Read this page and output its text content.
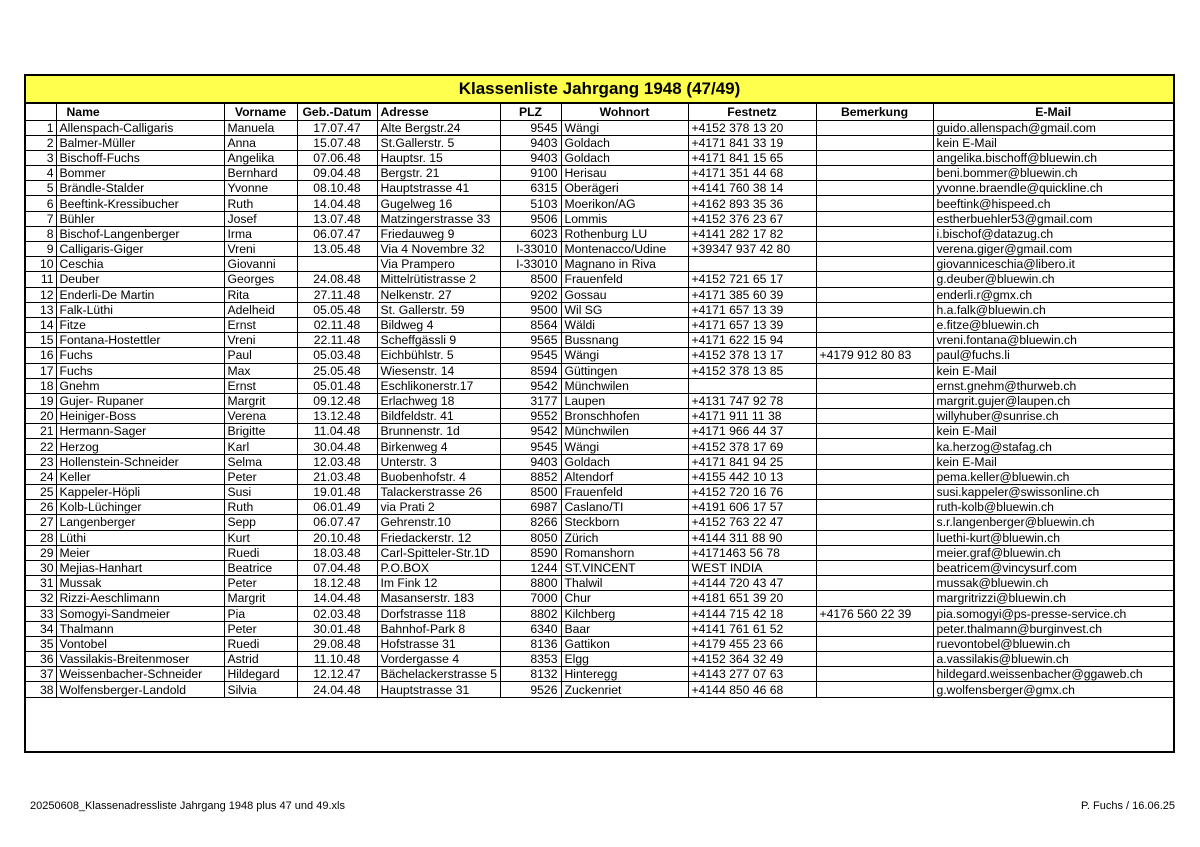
Klassenliste Jahrgang 1948 (47/49)
	Name	Vorname	Geb.-Datum	Adresse	PLZ	Wohnort	Festnetz	Bemerkung	E-Mail
1	Allenspach-Calligaris	Manuela	17.07.47	Alte Bergstr.24	9545	Wängi	+4152 378 13 20		guido.allenspach@gmail.com
2	Balmer-Müller	Anna	15.07.48	St.Gallerstr. 5	9403	Goldach	+4171 841 33 19		kein E-Mail
3	Bischoff-Fuchs	Angelika	07.06.48	Hauptsr. 15	9403	Goldach	+4171 841 15 65		angelika.bischoff@bluewin.ch
4	Bommer	Bernhard	09.04.48	Bergstr. 21	9100	Herisau	+4171 351 44 68		beni.bommer@bluewin.ch
5	Brändle-Stalder	Yvonne	08.10.48	Hauptstrasse 41	6315	Oberägeri	+4141 760 38 14		yvonne.braendle@quickline.ch
6	Beeftink-Kressibucher	Ruth	14.04.48	Gugelweg 16	5103	Moerikon/AG	+4162 893 35 36		beeftink@hispeed.ch
7	Bühler	Josef	13.07.48	Matzingerstrasse 33	9506	Lommis	+4152 376 23 67		estherbuehler53@gmail.com
8	Bischof-Langenberger	Irma	06.07.47	Friedauweg 9	6023	Rothenburg LU	+4141 282 17 82		i.bischof@datazug.ch
9	Calligaris-Giger	Vreni	13.05.48	Via 4 Novembre 32	I-33010	Montenacco/Udine	+39347 937 42 80		verena.giger@gmail.com
10	Ceschia	Giovanni		Via Prampero	I-33010	Magnano in Riva			giovanniceschia@libero.it
11	Deuber	Georges	24.08.48	Mittelrütistrasse 2	8500	Frauenfeld	+4152 721 65 17		g.deuber@bluewin.ch
12	Enderli-De Martin	Rita	27.11.48	Nelkenstr. 27	9202	Gossau	+4171 385 60 39		enderli.r@gmx.ch
13	Falk-Lüthi	Adelheid	05.05.48	St. Gallerstr. 59	9500	Wil SG	+4171 657 13 39		h.a.falk@bluewin.ch
14	Fitze	Ernst	02.11.48	Bildweg 4	8564	Wäldi	+4171 657 13 39		e.fitze@bluewin.ch
15	Fontana-Hostettler	Vreni	22.11.48	Scheffgässli 9	9565	Bussnang	+4171 622 15 94		vreni.fontana@bluewin.ch
16	Fuchs	Paul	05.03.48	Eichbühlstr. 5	9545	Wängi	+4152 378 13 17	+4179 912 80 83	paul@fuchs.li
17	Fuchs	Max	25.05.48	Wiesenstr. 14	8594	Güttingen	+4152 378 13 85		kein E-Mail
18	Gnehm	Ernst	05.01.48	Eschlikonerstr.17	9542	Münchwilen			ernst.gnehm@thurweb.ch
19	Gujer- Rupaner	Margrit	09.12.48	Erlachweg 18	3177	Laupen	+4131 747 92 78		margrit.gujer@laupen.ch
20	Heiniger-Boss	Verena	13.12.48	Bildfeldstr. 41	9552	Bronschhofen	+4171 911 11 38		willyhuber@sunrise.ch
21	Hermann-Sager	Brigitte	11.04.48	Brunnenstr. 1d	9542	Münchwilen	+4171 966 44 37		kein E-Mail
22	Herzog	Karl	30.04.48	Birkenweg 4	9545	Wängi	+4152 378 17 69		ka.herzog@stafag.ch
23	Hollenstein-Schneider	Selma	12.03.48	Unterstr. 3	9403	Goldach	+4171 841 94 25		kein E-Mail
24	Keller	Peter	21.03.48	Buobenhofstr. 4	8852	Altendorf	+4155 442 10 13		pema.keller@bluewin.ch
25	Kappeler-Höpli	Susi	19.01.48	Talackerstrasse 26	8500	Frauenfeld	+4152 720 16 76		susi.kappeler@swissonline.ch
26	Kolb-Lüchinger	Ruth	06.01.49	via Prati 2	6987	Caslano/TI	+4191 606 17 57		ruth-kolb@bluewin.ch
27	Langenberger	Sepp	06.07.47	Gehrenstr.10	8266	Steckborn	+4152 763 22 47		s.r.langenberger@bluewin.ch
28	Lüthi	Kurt	20.10.48	Friedackerstr. 12	8050	Zürich	+4144 311 88 90		luethi-kurt@bluewin.ch
29	Meier	Ruedi	18.03.48	Carl-Spitteler-Str.1D	8590	Romanshorn	+4171463 56 78		meier.graf@bluewin.ch
30	Mejias-Hanhart	Beatrice	07.04.48	P.O.BOX	1244	ST.VINCENT	WEST INDIA		beatricem@vincysurf.com
31	Mussak	Peter	18.12.48	Im Fink 12	8800	Thalwil	+4144 720 43 47		mussak@bluewin.ch
32	Rizzi-Aeschlimann	Margrit	14.04.48	Masanserstr. 183	7000	Chur	+4181 651 39 20		margritrizzi@bluewin.ch
33	Somogyi-Sandmeier	Pia	02.03.48	Dorfstrasse 118	8802	Kilchberg	+4144 715 42 18	+4176 560 22 39	pia.somogyi@ps-presse-service.ch
34	Thalmann	Peter	30.01.48	Bahnhof-Park 8	6340	Baar	+4141 761 61 52		peter.thalmann@burginvest.ch
35	Vontobel	Ruedi	29.08.48	Hofstrasse 31	8136	Gattikon	+4179 455 23 66		ruevontobel@bluewin.ch
36	Vassilakis-Breitenmoser	Astrid	11.10.48	Vordergasse 4	8353	Elgg	+4152 364 32 49		a.vassilakis@bluewin.ch
37	Weissenbacher-Schneider	Hildegard	12.12.47	Bächelackerstrasse 5	8132	Hinteregg	+4143 277 07 63		hildegard.weissenbacher@ggaweb.ch
38	Wolfensberger-Landold	Silvia	24.04.48	Hauptstrasse 31	9526	Zuckenriet	+4144 850 46 68		g.wolfensberger@gmx.ch
20250608_Klassenadressliste Jahrgang 1948 plus 47 und 49.xls	P. Fuchs / 16.06.25
